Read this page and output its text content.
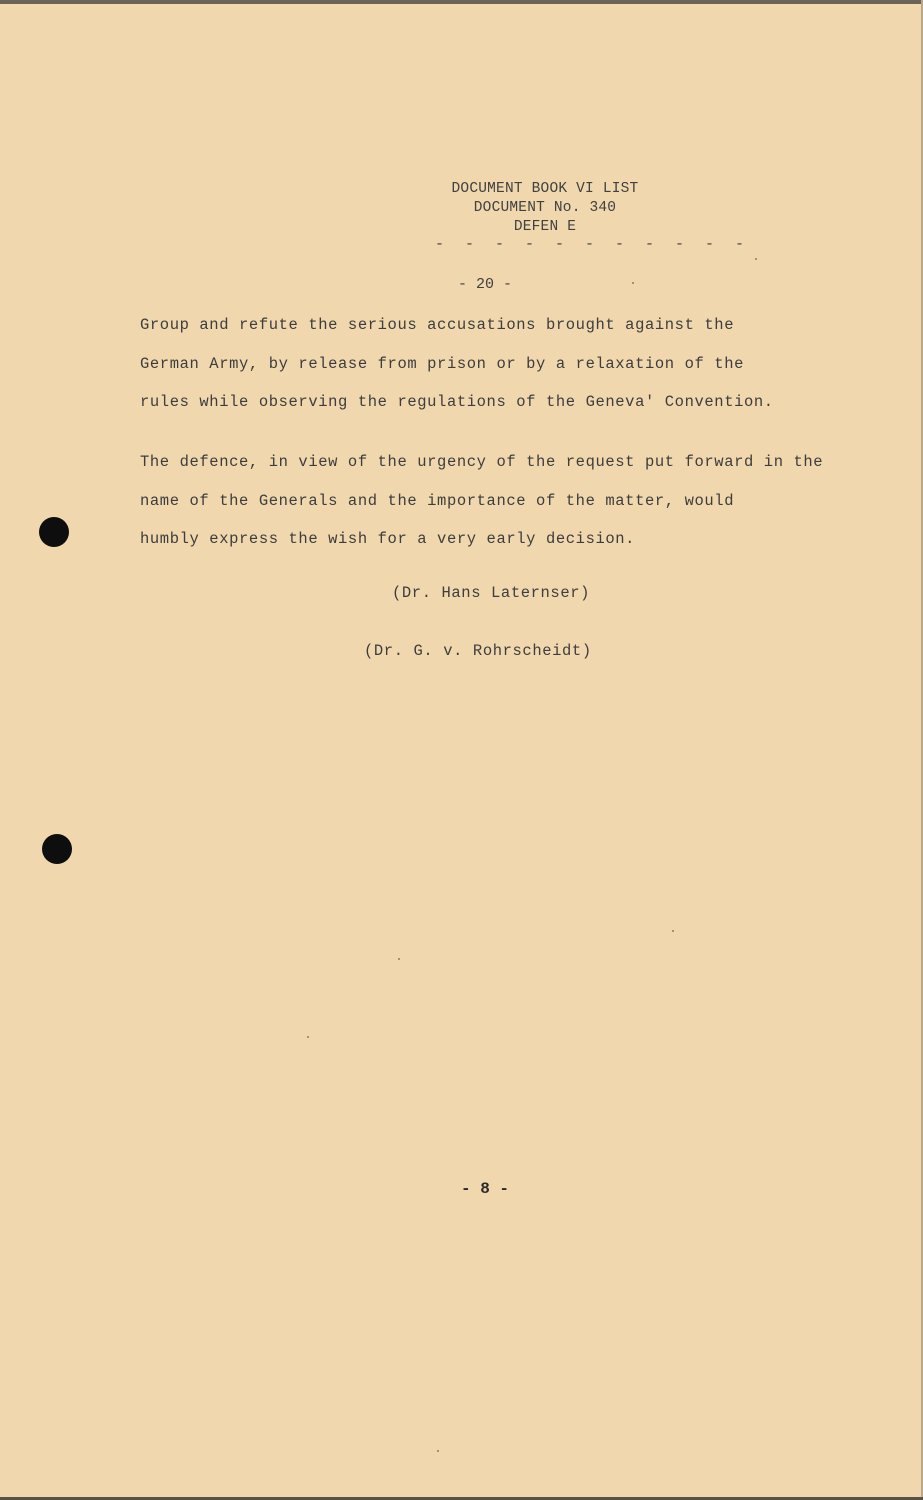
DOCUMENT BOOK VI LIST
DOCUMENT No. 340
DEFEN E
- - - - - - - - - - -
- 20 -
Group and refute the serious accusations brought against the
German Army, by release from prison or by a relaxation of the
rules while observing the regulations of the Geneva' Convention.
The defence, in view of the urgency of the request put forward in the
name of the Generals and the importance of the matter, would
humbly express the wish for a very early decision.
(Dr. Hans Laternser)
(Dr. G. v. Rohrscheidt)
- 8 -
